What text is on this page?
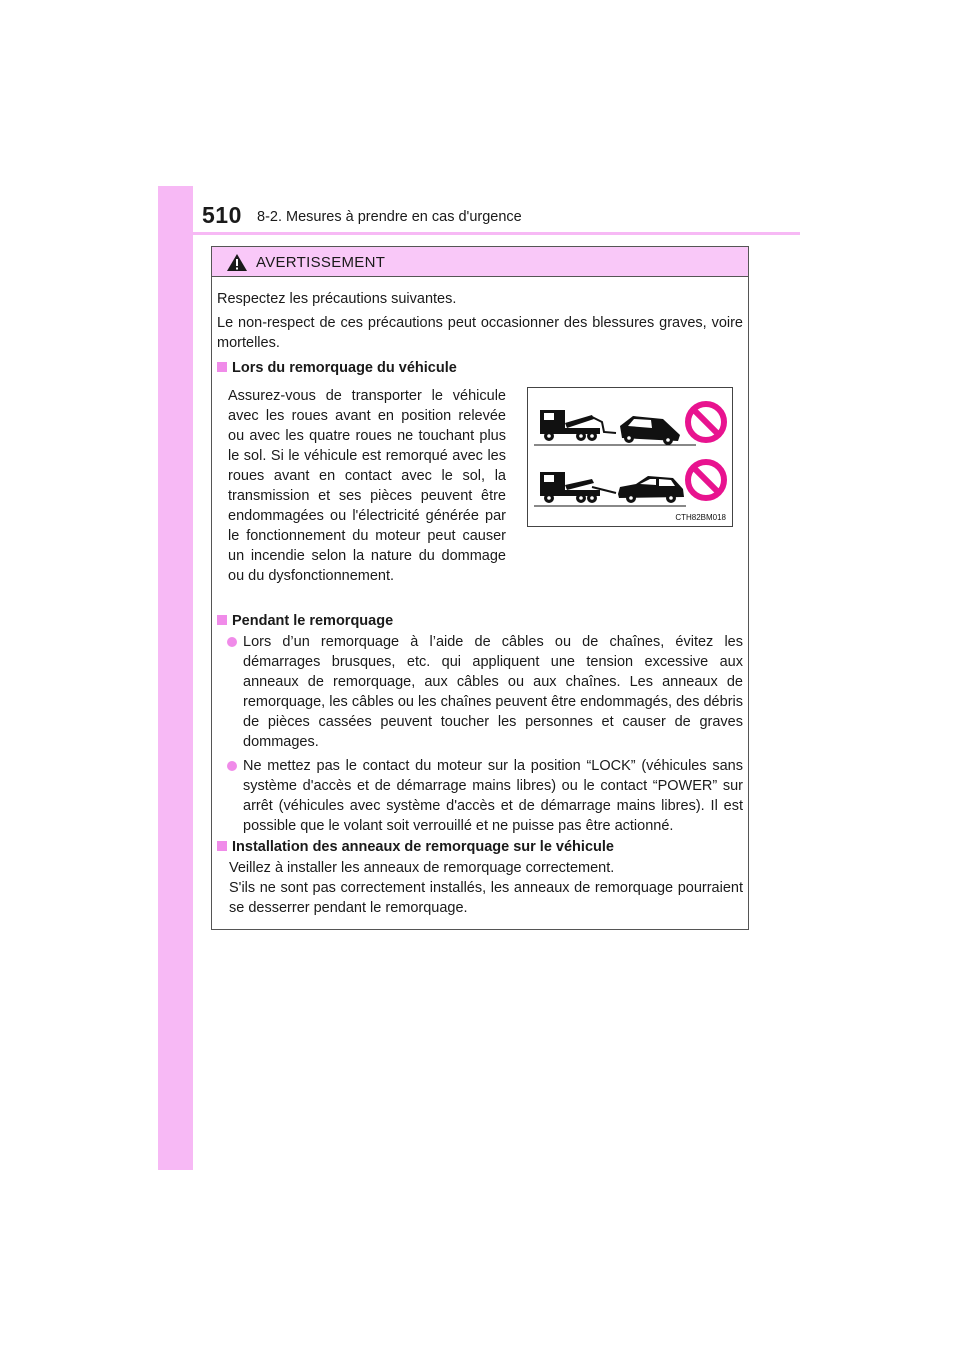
510 8-2. Mesures à prendre en cas d'urgence
AVERTISSEMENT
Respectez les précautions suivantes.
Le non-respect de ces précautions peut occasionner des blessures graves, voire mortelles.
Lors du remorquage du véhicule
Assurez-vous de transporter le véhicule avec les roues avant en position relevée ou avec les quatre roues ne touchant plus le sol. Si le véhicule est remorqué avec les roues avant en contact avec le sol, la transmission et ses pièces peuvent être endommagées ou l'électricité générée par le fonctionnement du moteur peut causer un incendie selon la nature du dommage ou du dysfonctionnement.
CTH82BM018
Pendant le remorquage
Lors d’un remorquage à l’aide de câbles ou de chaînes, évitez les démarrages brusques, etc. qui appliquent une tension excessive aux anneaux de remorquage, aux câbles ou aux chaînes. Les anneaux de remorquage, les câbles ou les chaînes peuvent être endommagés, des débris de pièces cassées peuvent toucher les personnes et causer de graves dommages.
Ne mettez pas le contact du moteur sur la position “LOCK” (véhicules sans système d'accès et de démarrage mains libres) ou le contact “POWER” sur arrêt (véhicules avec système d'accès et de démarrage mains libres). Il est possible que le volant soit verrouillé et ne puisse pas être actionné.
Installation des anneaux de remorquage sur le véhicule
Veillez à installer les anneaux de remorquage correctement.
S'ils ne sont pas correctement installés, les anneaux de remorquage pourraient se desserrer pendant le remorquage.
